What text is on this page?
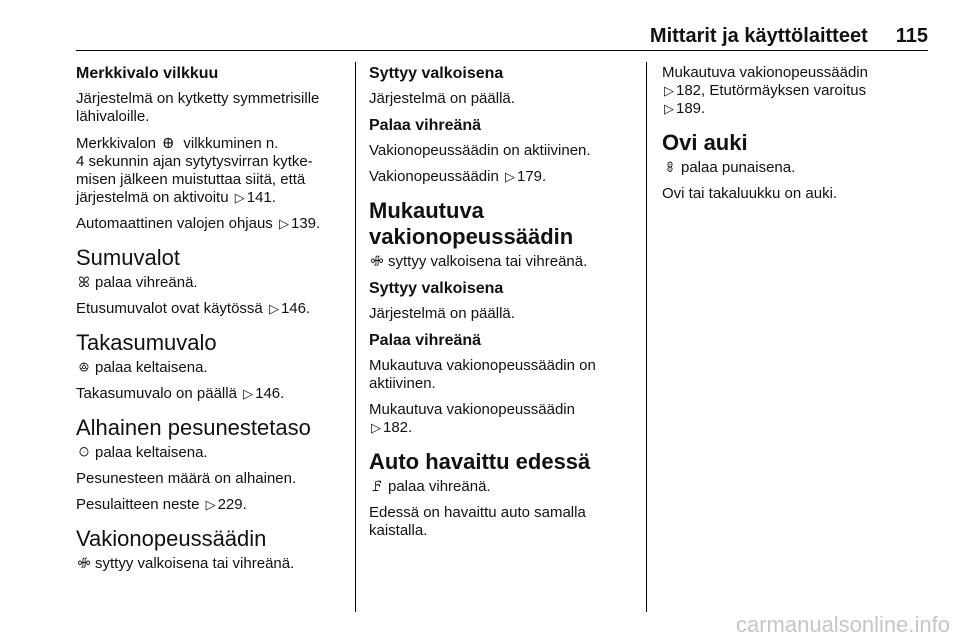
Mittarit ja käyttölaitteet 115
Merkkivalo vilkkuu

Järjestelmä on kytketty symmetrisille lähivaloille.

Merkkivalon Ꚛ vilkkuminen n.
4 sekunnin ajan sytytysvirran kytke-
misen jälkeen muistuttaa siitä, että
järjestelmä on aktivoitu ▷ 141.

Automaattinen valojen ohjaus ▷ 139.

Sumuvalot

ꕤ palaa vihreänä.

Etusumuvalot ovat käytössä ▷ 146.

Takasumuvalo

ꔮ palaa keltaisena.

Takasumuvalo on päällä ▷ 146.

Alhainen pesunestetaso

ꖴ palaa keltaisena.

Pesunesteen määrä on alhainen.

Pesulaitteen neste ▷ 229.

Vakionopeussäädin

ꗂ syttyy valkoisena tai vihreänä.

Syttyy valkoisena

Järjestelmä on päällä.

Palaa vihreänä

Vakionopeussäädin on aktiivinen.

Vakionopeussäädin ▷ 179.

Mukautuva
vakionopeussäädin

ꗂ syttyy valkoisena tai vihreänä.

Syttyy valkoisena

Järjestelmä on päällä.

Palaa vihreänä

Mukautuva vakionopeussäädin on
aktiivinen.

Mukautuva vakionopeussäädin
▷ 182.

Auto havaittu edessä

ꗓ palaa vihreänä.

Edessä on havaittu auto samalla
kaistalla.

Mukautuva vakionopeussäädin
▷ 182, Etutörmäyksen varoitus
▷ 189.

Ovi auki

ꗚ palaa punaisena.

Ovi tai takaluukku on auki.

carmanualsonline.info
